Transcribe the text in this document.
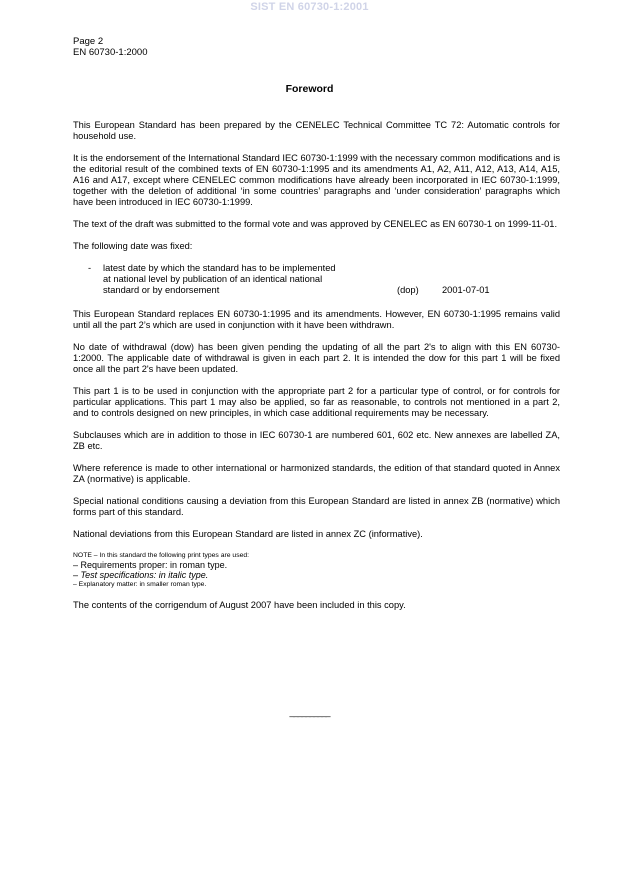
SIST EN 60730-1:2001
Page 2
EN 60730-1:2000
Foreword

This European Standard has been prepared by the CENELEC Technical Committee TC 72: Automatic controls for household use.

It is the endorsement of the International Standard IEC 60730-1:1999 with the necessary common modifications and is the editorial result of the combined texts of EN 60730-1:1995 and its amendments A1, A2, A11, A12, A13, A14, A15, A16 and A17, except where CENELEC common modifications have already been incorporated in IEC 60730-1:1999, together with the deletion of additional ‘in some countries’ paragraphs and ‘under consideration’ paragraphs which have been introduced in IEC 60730-1:1999.

The text of the draft was submitted to the formal vote and was approved by CENELEC as EN 60730-1 on 1999-11-01.

The following date was fixed:

- latest date by which the standard has to be implemented
at national level by publication of an identical national
standard or by endorsement	(dop)	2001-07-01

This European Standard replaces EN 60730-1:1995 and its amendments. However, EN 60730-1:1995 remains valid until all the part 2’s which are used in conjunction with it have been withdrawn.

No date of withdrawal (dow) has been given pending the updating of all the part 2's to align with this EN 60730-1:2000. The applicable date of withdrawal is given in each part 2. It is intended the dow for this part 1 will be fixed once all the part 2's have been updated.

This part 1 is to be used in conjunction with the appropriate part 2 for a particular type of control, or for controls for particular applications. This part 1 may also be applied, so far as reasonable, to controls not mentioned in a part 2, and to controls designed on new principles, in which case additional requirements may be necessary.

Subclauses which are in addition to those in IEC 60730-1 are numbered 601, 602 etc. New annexes are labelled ZA, ZB etc.

Where reference is made to other international or harmonized standards, the edition of that standard quoted in Annex ZA (normative) is applicable.

Special national conditions causing a deviation from this European Standard are listed in annex ZB (normative) which forms part of this standard.

National deviations from this European Standard are listed in annex ZC (informative).

NOTE – In this standard the following print types are used:
– Requirements proper: in roman type.
– Test specifications: in italic type.
– Explanatory matter: in smaller roman type.

The contents of the corrigendum of August 2007 have been included in this copy.

__________
